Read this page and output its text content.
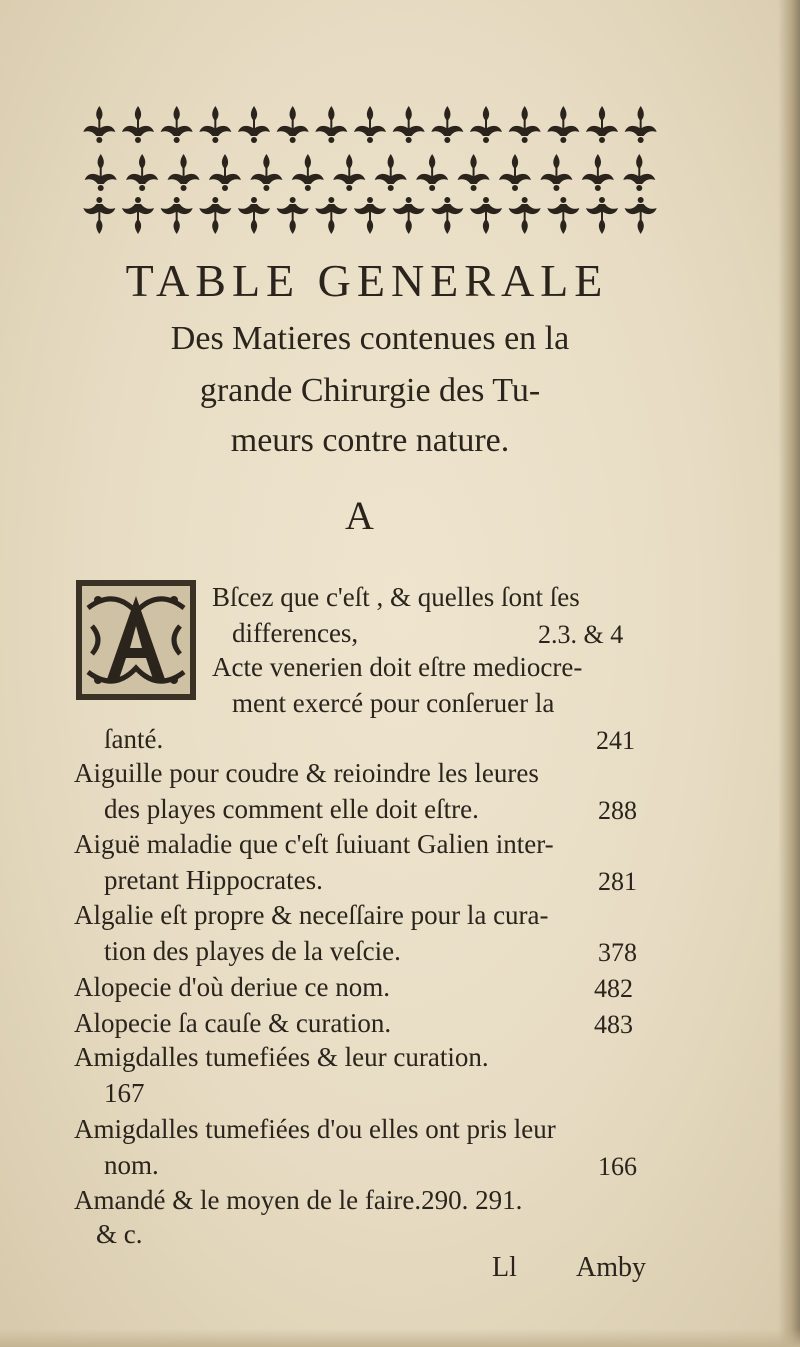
TABLE GENERALE
Des Matieres contenues en la
grande Chirurgie des Tu-
meurs contre nature.
A
Bſcez que c'eſt , & quelles ſont ſes
differences,	2.3. & 4
Acte venerien doit eſtre mediocre-
ment exercé pour conſeruer la
ſanté.	241
Aiguille pour coudre & reioindre les leures
des playes comment elle doit eſtre.	288
Aiguë maladie que c'eſt ſuiuant Galien inter-
pretant Hippocrates.	281
Algalie eſt propre & neceſſaire pour la cura-
tion des playes de la veſcie.	378
Alopecie d'où deriue ce nom.	482
Alopecie ſa cauſe & curation.	483
Amigdalles tumefiées & leur curation.
167
Amigdalles tumefiées d'ou elles ont pris leur
nom.	166
Amandé & le moyen de le faire.290. 291.
& c.
Ll Amby
